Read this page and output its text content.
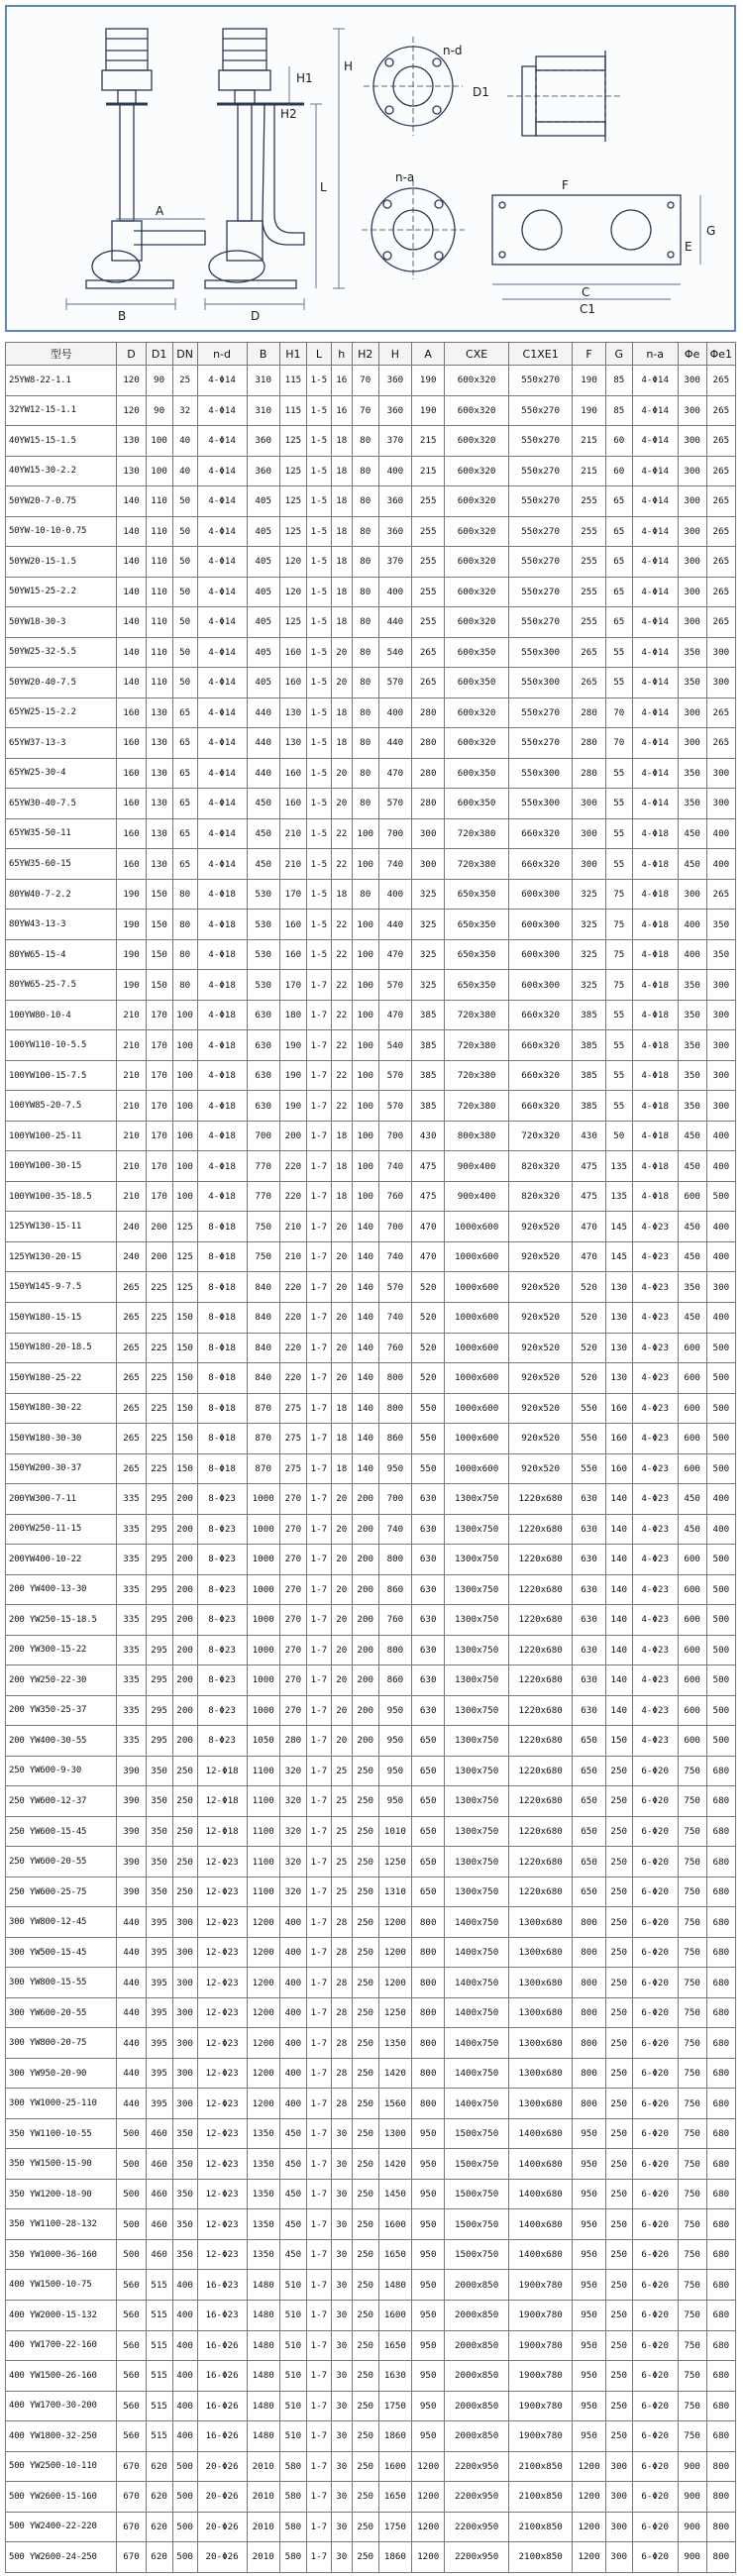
H
L
B
A
D
H1
H2
n-d
n-a
F
G
C
C1
E
D1
型号	D	D1	DN	n-d	B	H1	L	h	H2	H	A	CXE	C1XE1	F	G	n-a	Φe	Φe1
25YW8-22-1.1	120	90	25	4-Φ14	310	115	1-5	16	70	360	190	600x320	550x270	190	85	4-Φ14	300	265
32YW12-15-1.1	120	90	32	4-Φ14	310	115	1-5	16	70	360	190	600x320	550x270	190	85	4-Φ14	300	265
40YW15-15-1.5	130	100	40	4-Φ14	360	125	1-5	18	80	370	215	600x320	550x270	215	60	4-Φ14	300	265
40YW15-30-2.2	130	100	40	4-Φ14	360	125	1-5	18	80	400	215	600x320	550x270	215	60	4-Φ14	300	265
50YW20-7-0.75	140	110	50	4-Φ14	405	125	1-5	18	80	360	255	600x320	550x270	255	65	4-Φ14	300	265
50YW-10-10-0.75	140	110	50	4-Φ14	405	125	1-5	18	80	360	255	600x320	550x270	255	65	4-Φ14	300	265
50YW20-15-1.5	140	110	50	4-Φ14	405	120	1-5	18	80	370	255	600x320	550x270	255	65	4-Φ14	300	265
50YW15-25-2.2	140	110	50	4-Φ14	405	120	1-5	18	80	400	255	600x320	550x270	255	65	4-Φ14	300	265
50YW18-30-3	140	110	50	4-Φ14	405	125	1-5	18	80	440	255	600x320	550x270	255	65	4-Φ14	300	265
50YW25-32-5.5	140	110	50	4-Φ14	405	160	1-5	20	80	540	265	600x350	550x300	265	55	4-Φ14	350	300
50YW20-40-7.5	140	110	50	4-Φ14	405	160	1-5	20	80	570	265	600x350	550x300	265	55	4-Φ14	350	300
65YW25-15-2.2	160	130	65	4-Φ14	440	130	1-5	18	80	400	280	600x320	550x270	280	70	4-Φ14	300	265
65YW37-13-3	160	130	65	4-Φ14	440	130	1-5	18	80	440	280	600x320	550x270	280	70	4-Φ14	300	265
65YW25-30-4	160	130	65	4-Φ14	440	160	1-5	20	80	470	280	600x350	550x300	280	55	4-Φ14	350	300
65YW30-40-7.5	160	130	65	4-Φ14	450	160	1-5	20	80	570	280	600x350	550x300	300	55	4-Φ14	350	300
65YW35-50-11	160	130	65	4-Φ14	450	210	1-5	22	100	700	300	720x380	660x320	300	55	4-Φ18	450	400
65YW35-60-15	160	130	65	4-Φ14	450	210	1-5	22	100	740	300	720x380	660x320	300	55	4-Φ18	450	400
80YW40-7-2.2	190	150	80	4-Φ18	530	170	1-5	18	80	400	325	650x350	600x300	325	75	4-Φ18	300	265
80YW43-13-3	190	150	80	4-Φ18	530	160	1-5	22	100	440	325	650x350	600x300	325	75	4-Φ18	400	350
80YW65-15-4	190	150	80	4-Φ18	530	160	1-5	22	100	470	325	650x350	600x300	325	75	4-Φ18	400	350
80YW65-25-7.5	190	150	80	4-Φ18	530	170	1-7	22	100	570	325	650x350	600x300	325	75	4-Φ18	350	300
100YW80-10-4	210	170	100	4-Φ18	630	180	1-7	22	100	470	385	720x380	660x320	385	55	4-Φ18	350	300
100YW110-10-5.5	210	170	100	4-Φ18	630	190	1-7	22	100	540	385	720x380	660x320	385	55	4-Φ18	350	300
100YW100-15-7.5	210	170	100	4-Φ18	630	190	1-7	22	100	570	385	720x380	660x320	385	55	4-Φ18	350	300
100YW85-20-7.5	210	170	100	4-Φ18	630	190	1-7	22	100	570	385	720x380	660x320	385	55	4-Φ18	350	300
100YW100-25-11	210	170	100	4-Φ18	700	200	1-7	18	100	700	430	800x380	720x320	430	50	4-Φ18	450	400
100YW100-30-15	210	170	100	4-Φ18	770	220	1-7	18	100	740	475	900x400	820x320	475	135	4-Φ18	450	400
100YW100-35-18.5	210	170	100	4-Φ18	770	220	1-7	18	100	760	475	900x400	820x320	475	135	4-Φ18	600	500
125YW130-15-11	240	200	125	8-Φ18	750	210	1-7	20	140	700	470	1000x600	920x520	470	145	4-Φ23	450	400
125YW130-20-15	240	200	125	8-Φ18	750	210	1-7	20	140	740	470	1000x600	920x520	470	145	4-Φ23	450	400
150YW145-9-7.5	265	225	125	8-Φ18	840	220	1-7	20	140	570	520	1000x600	920x520	520	130	4-Φ23	350	300
150YW180-15-15	265	225	150	8-Φ18	840	220	1-7	20	140	740	520	1000x600	920x520	520	130	4-Φ23	450	400
150YW180-20-18.5	265	225	150	8-Φ18	840	220	1-7	20	140	760	520	1000x600	920x520	520	130	4-Φ23	600	500
150YW180-25-22	265	225	150	8-Φ18	840	220	1-7	20	140	800	520	1000x600	920x520	520	130	4-Φ23	600	500
150YW180-30-22	265	225	150	8-Φ18	870	275	1-7	18	140	800	550	1000x600	920x520	550	160	4-Φ23	600	500
150YW180-30-30	265	225	150	8-Φ18	870	275	1-7	18	140	860	550	1000x600	920x520	550	160	4-Φ23	600	500
150YW200-30-37	265	225	150	8-Φ18	870	275	1-7	18	140	950	550	1000x600	920x520	550	160	4-Φ23	600	500
200YW300-7-11	335	295	200	8-Φ23	1000	270	1-7	20	200	700	630	1300x750	1220x680	630	140	4-Φ23	450	400
200YW250-11-15	335	295	200	8-Φ23	1000	270	1-7	20	200	740	630	1300x750	1220x680	630	140	4-Φ23	450	400
200YW400-10-22	335	295	200	8-Φ23	1000	270	1-7	20	200	800	630	1300x750	1220x680	630	140	4-Φ23	600	500
200 YW400-13-30	335	295	200	8-Φ23	1000	270	1-7	20	200	860	630	1300x750	1220x680	630	140	4-Φ23	600	500
200 YW250-15-18.5	335	295	200	8-Φ23	1000	270	1-7	20	200	760	630	1300x750	1220x680	630	140	4-Φ23	600	500
200 YW300-15-22	335	295	200	8-Φ23	1000	270	1-7	20	200	800	630	1300x750	1220x680	630	140	4-Φ23	600	500
200 YW250-22-30	335	295	200	8-Φ23	1000	270	1-7	20	200	860	630	1300x750	1220x680	630	140	4-Φ23	600	500
200 YW350-25-37	335	295	200	8-Φ23	1000	270	1-7	20	200	950	630	1300x750	1220x680	630	140	4-Φ23	600	500
200 YW400-30-55	335	295	200	8-Φ23	1050	280	1-7	20	200	950	650	1300x750	1220x680	650	150	4-Φ23	600	500
250 YW600-9-30	390	350	250	12-Φ18	1100	320	1-7	25	250	950	650	1300x750	1220x680	650	250	6-Φ20	750	680
250 YW600-12-37	390	350	250	12-Φ18	1100	320	1-7	25	250	950	650	1300x750	1220x680	650	250	6-Φ20	750	680
250 YW600-15-45	390	350	250	12-Φ18	1100	320	1-7	25	250	1010	650	1300x750	1220x680	650	250	6-Φ20	750	680
250 YW600-20-55	390	350	250	12-Φ23	1100	320	1-7	25	250	1250	650	1300x750	1220x680	650	250	6-Φ20	750	680
250 YW600-25-75	390	350	250	12-Φ23	1100	320	1-7	25	250	1310	650	1300x750	1220x680	650	250	6-Φ20	750	680
300 YW800-12-45	440	395	300	12-Φ23	1200	400	1-7	28	250	1200	800	1400x750	1300x680	800	250	6-Φ20	750	680
300 YW500-15-45	440	395	300	12-Φ23	1200	400	1-7	28	250	1200	800	1400x750	1300x680	800	250	6-Φ20	750	680
300 YW800-15-55	440	395	300	12-Φ23	1200	400	1-7	28	250	1200	800	1400x750	1300x680	800	250	6-Φ20	750	680
300 YW600-20-55	440	395	300	12-Φ23	1200	400	1-7	28	250	1250	800	1400x750	1300x680	800	250	6-Φ20	750	680
300 YW800-20-75	440	395	300	12-Φ23	1200	400	1-7	28	250	1350	800	1400x750	1300x680	800	250	6-Φ20	750	680
300 YW950-20-90	440	395	300	12-Φ23	1200	400	1-7	28	250	1420	800	1400x750	1300x680	800	250	6-Φ20	750	680
300 YW1000-25-110	440	395	300	12-Φ23	1200	400	1-7	28	250	1560	800	1400x750	1300x680	800	250	6-Φ20	750	680
350 YW1100-10-55	500	460	350	12-Φ23	1350	450	1-7	30	250	1300	950	1500x750	1400x680	950	250	6-Φ20	750	680
350 YW1500-15-90	500	460	350	12-Φ23	1350	450	1-7	30	250	1420	950	1500x750	1400x680	950	250	6-Φ20	750	680
350 YW1200-18-90	500	460	350	12-Φ23	1350	450	1-7	30	250	1450	950	1500x750	1400x680	950	250	6-Φ20	750	680
350 YW1100-28-132	500	460	350	12-Φ23	1350	450	1-7	30	250	1600	950	1500x750	1400x680	950	250	6-Φ20	750	680
350 YW1000-36-160	500	460	350	12-Φ23	1350	450	1-7	30	250	1650	950	1500x750	1400x680	950	250	6-Φ20	750	680
400 YW1500-10-75	560	515	400	16-Φ23	1480	510	1-7	30	250	1480	950	2000x850	1900x780	950	250	6-Φ20	750	680
400 YW2000-15-132	560	515	400	16-Φ23	1480	510	1-7	30	250	1600	950	2000x850	1900x780	950	250	6-Φ20	750	680
400 YW1700-22-160	560	515	400	16-Φ26	1480	510	1-7	30	250	1650	950	2000x850	1900x780	950	250	6-Φ20	750	680
400 YW1500-26-160	560	515	400	16-Φ26	1480	510	1-7	30	250	1630	950	2000x850	1900x780	950	250	6-Φ20	750	680
400 YW1700-30-200	560	515	400	16-Φ26	1480	510	1-7	30	250	1750	950	2000x850	1900x780	950	250	6-Φ20	750	680
400 YW1800-32-250	560	515	400	16-Φ26	1480	510	1-7	30	250	1860	950	2000x850	1900x780	950	250	6-Φ20	750	680
500 YW2500-10-110	670	620	500	20-Φ26	2010	580	1-7	30	250	1600	1200	2200x950	2100x850	1200	300	6-Φ20	900	800
500 YW2600-15-160	670	620	500	20-Φ26	2010	580	1-7	30	250	1650	1200	2200x950	2100x850	1200	300	6-Φ20	900	800
500 YW2400-22-220	670	620	500	20-Φ26	2010	580	1-7	30	250	1750	1200	2200x950	2100x850	1200	300	6-Φ20	900	800
500 YW2600-24-250	670	620	500	20-Φ26	2010	580	1-7	30	250	1860	1200	2200x950	2100x850	1200	300	6-Φ20	900	800
